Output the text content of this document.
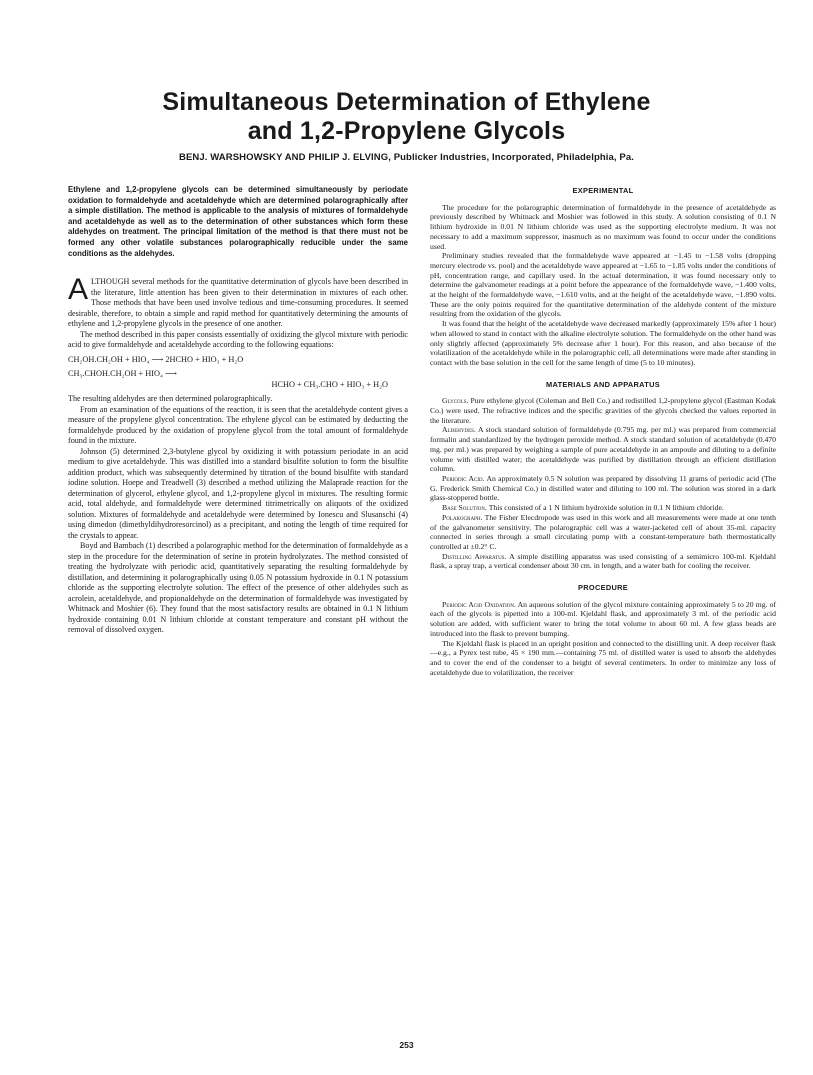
Simultaneous Determination of Ethylene
and 1,2-Propylene Glycols
BENJ. WARSHOWSKY AND PHILIP J. ELVING, Publicker Industries, Incorporated, Philadelphia, Pa.

Ethylene and 1,2-propylene glycols can be determined simultaneously by periodate oxidation to formaldehyde and acetaldehyde which are determined polarographically after a simple distillation. The method is applicable to the analysis of mixtures of formaldehyde and acetaldehyde as well as to the determination of other substances which form these aldehydes on treatment. The principal limitation of the method is that there must not be formed any other volatile substances polarographically reducible under the same conditions as the aldehydes.

ALTHOUGH several methods for the quantitative determination of glycols have been described in the literature, little attention has been given to their determination in mixtures of each other. Those methods that have been used involve tedious and time-consuming procedures. It seemed desirable, therefore, to obtain a simple and rapid method for quantitatively determining the amounts of ethylene and 1,2-propylene glycols in the presence of one another.

The method described in this paper consists essentially of oxidizing the glycol mixture with periodic acid to give formaldehyde and acetaldehyde according to the following equations:

CH₂OH.CH₂OH + HIO₄ ⟶ 2HCHO + HIO₃ + H₂O

CH₃.CHOH.CH₂OH + HIO₄ ⟶
HCHO + CH₃.CHO + HIO₃ + H₂O

The resulting aldehydes are then determined polarographically.

From an examination of the equations of the reaction, it is seen that the acetaldehyde content gives a measure of the propylene glycol concentration. The ethylene glycol can be estimated by deducting the formaldehyde produced by the oxidation of propylene glycol from the total amount of formaldehyde found in the mixture.

Johnson (5) determined 2,3-butylene glycol by oxidizing it with potassium periodate in an acid medium to give acetaldehyde. This was distilled into a standard bisulfite solution to form the bisulfite addition product, which was subsequently determined by titration of the bound bisulfite with standard iodine solution. Hoepe and Treadwell (3) described a method utilizing the Malaprade reaction for the determination of glycerol, ethylene glycol, and 1,2-propylene glycol in mixtures. The resulting formic acid, total aldehyde, and formaldehyde were determined titrimetrically on aliquots of the oxidized solution. Mixtures of formaldehyde and acetaldehyde were determined by Ionescu and Slusanschi (4) using dimedon (dimethyldihydroresorcinol) as a precipitant, and noting the length of time required for the crystals to appear.

Boyd and Bambach (1) described a polarographic method for the determination of formaldehyde as a step in the procedure for the determination of serine in protein hydrolyzates. The method consisted of treating the hydrolyzate with periodic acid, quantitatively separating the resulting formaldehyde by distillation, and determining it polarographically using 0.05 N potassium hydroxide in 0.1 N potassium chloride as the supporting electrolyte solution. The effect of the presence of other aldehydes such as acrolein, acetaldehyde, and propionaldehyde on the determination of formaldehyde was investigated by Whitnack and Moshier (6). They found that the most satisfactory results are obtained in 0.1 N lithium hydroxide containing 0.01 N lithium chloride at constant temperature and constant pH without the removal of dissolved oxygen.

EXPERIMENTAL

The procedure for the polarographic determination of formaldehyde in the presence of acetaldehyde as previously described by Whitnack and Moshier was followed in this study. A solution consisting of 0.1 N lithium hydroxide in 0.01 N lithium chloride was used as the supporting electrolyte medium. It was not necessary to add a maximum suppressor, inasmuch as no maximum was found to occur under the conditions used.

Preliminary studies revealed that the formaldehyde wave appeared at −1.45 to −1.58 volts (dropping mercury electrode vs. pool) and the acetaldehyde wave appeared at −1.65 to −1.85 volts under the conditions of pH, concentration range, and capillary used. In the actual determination, it was found necessary only to determine the galvanometer readings at a point before the appearance of the formaldehyde wave, −1.400 volts, at the height of the formaldehyde wave, −1.610 volts, and at the height of the acetaldehyde wave, −1.890 volts. These are the only points required for the quantitative determination of the aldehyde content of the mixture resulting from the oxidation of the glycols.

It was found that the height of the acetaldehyde wave decreased markedly (approximately 15% after 1 hour) when allowed to stand in contact with the alkaline electrolyte solution. The formaldehyde on the other hand was only slightly affected (approximately 5% decrease after 1 hour). For this reason, and also because of the volatilization of the acetaldehyde while in the polarographic cell, all determinations were made after standing in contact with the base solution in the cell for the same length of time (5 to 10 minutes).

MATERIALS AND APPARATUS

Glycols. Pure ethylene glycol (Coleman and Bell Co.) and redistilled 1,2-propylene glycol (Eastman Kodak Co.) were used. The refractive indices and the specific gravities of the glycols checked the values reported in the literature.

Aldehydes. A stock standard solution of formaldehyde (0.795 mg. per ml.) was prepared from commercial formalin and standardized by the hydrogen peroxide method. A stock standard solution of acetaldehyde (0.470 mg. per ml.) was prepared by weighing a sample of pure acetaldehyde in an ampoule and diluting to a definite volume with distilled water; the acetaldehyde was purified by distillation through an efficient distillation column.

Periodic Acid. An approximately 0.5 N solution was prepared by dissolving 11 grams of periodic acid (The G. Frederick Smith Chemical Co.) in distilled water and diluting to 100 ml. The solution was stored in a dark glass-stoppered bottle.

Base Solution. This consisted of a 1 N lithium hydroxide solution in 0.1 N lithium chloride.

Polarograph. The Fisher Elecdropode was used in this work and all measurements were made at one tenth of the galvanometer sensitivity. The polarographic cell was a water-jacketed cell of about 35-ml. capacity connected in series through a small circulating pump with a constant-temperature bath thermostatically controlled at ±0.2° C.

Distilling Apparatus. A simple distilling apparatus was used consisting of a semimicro 100-ml. Kjeldahl flask, a spray trap, a vertical condenser about 30 cm. in length, and a water bath for cooling the receiver.

PROCEDURE

Periodic Acid Oxidation. An aqueous solution of the glycol mixture containing approximately 5 to 20 mg. of each of the glycols is pipetted into a 100-ml. Kjeldahl flask, and approximately 3 ml. of the periodic acid solution are added, with sufficient water to bring the total volume to about 60 ml. A few glass beads are introduced into the flask to prevent bumping.

The Kjeldahl flask is placed in an upright position and connected to the distilling unit. A deep receiver flask—e.g., a Pyrex test tube, 45 × 190 mm.—containing 75 ml. of distilled water is used to absorb the aldehydes and to cover the end of the condenser to a height of several centimeters. In order to minimize any loss of acetaldehyde due to volatilization, the receiver

253
